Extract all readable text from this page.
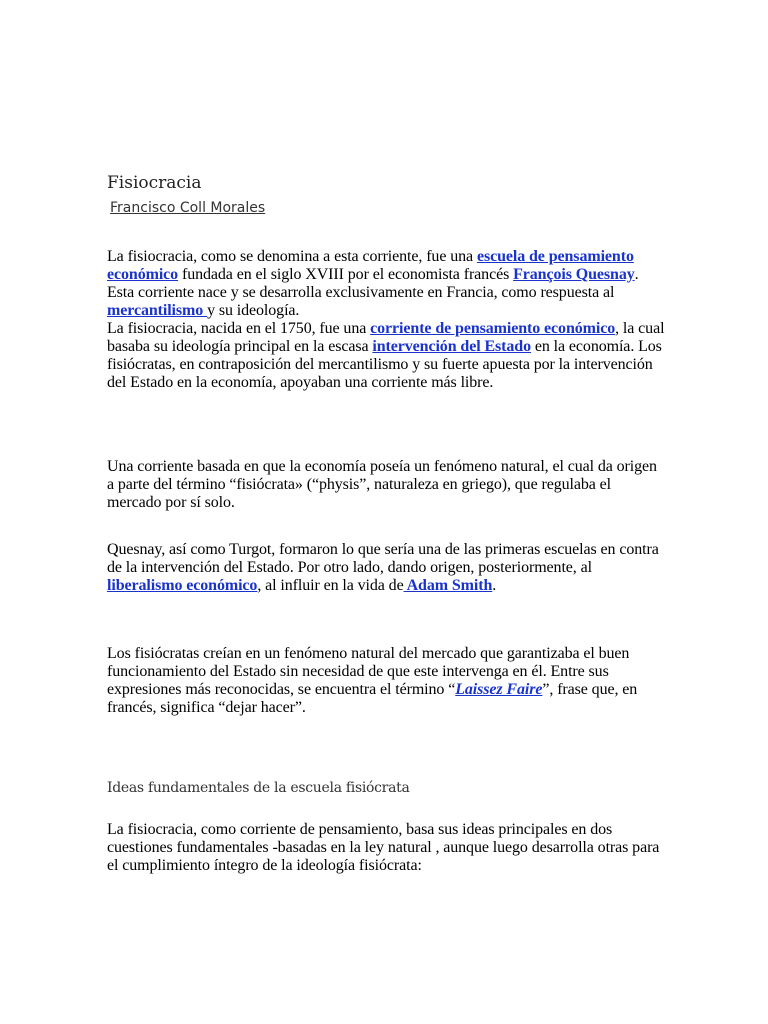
Fisiocracia
Francisco Coll Morales

La fisiocracia, como se denomina a esta corriente, fue una escuela de pensamiento económico fundada en el siglo XVIII por el economista francés François Quesnay. Esta corriente nace y se desarrolla exclusivamente en Francia, como respuesta al mercantilismo y su ideología.
La fisiocracia, nacida en el 1750, fue una corriente de pensamiento económico, la cual basaba su ideología principal en la escasa intervención del Estado en la economía. Los fisiócratas, en contraposición del mercantilismo y su fuerte apuesta por la intervención del Estado en la economía, apoyaban una corriente más libre.

Una corriente basada en que la economía poseía un fenómeno natural, el cual da origen a parte del término “fisiócrata» (“physis”, naturaleza en griego), que regulaba el mercado por sí solo.

Quesnay, así como Turgot, formaron lo que sería una de las primeras escuelas en contra de la intervención del Estado. Por otro lado, dando origen, posteriormente, al liberalismo económico, al influir en la vida de Adam Smith.

Los fisiócratas creían en un fenómeno natural del mercado que garantizaba el buen funcionamiento del Estado sin necesidad de que este intervenga en él. Entre sus expresiones más reconocidas, se encuentra el término “Laissez Faire”, frase que, en francés, significa “dejar hacer”.

Ideas fundamentales de la escuela fisiócrata

La fisiocracia, como corriente de pensamiento, basa sus ideas principales en dos cuestiones fundamentales -basadas en la ley natural , aunque luego desarrolla otras para el cumplimiento íntegro de la ideología fisiócrata:
